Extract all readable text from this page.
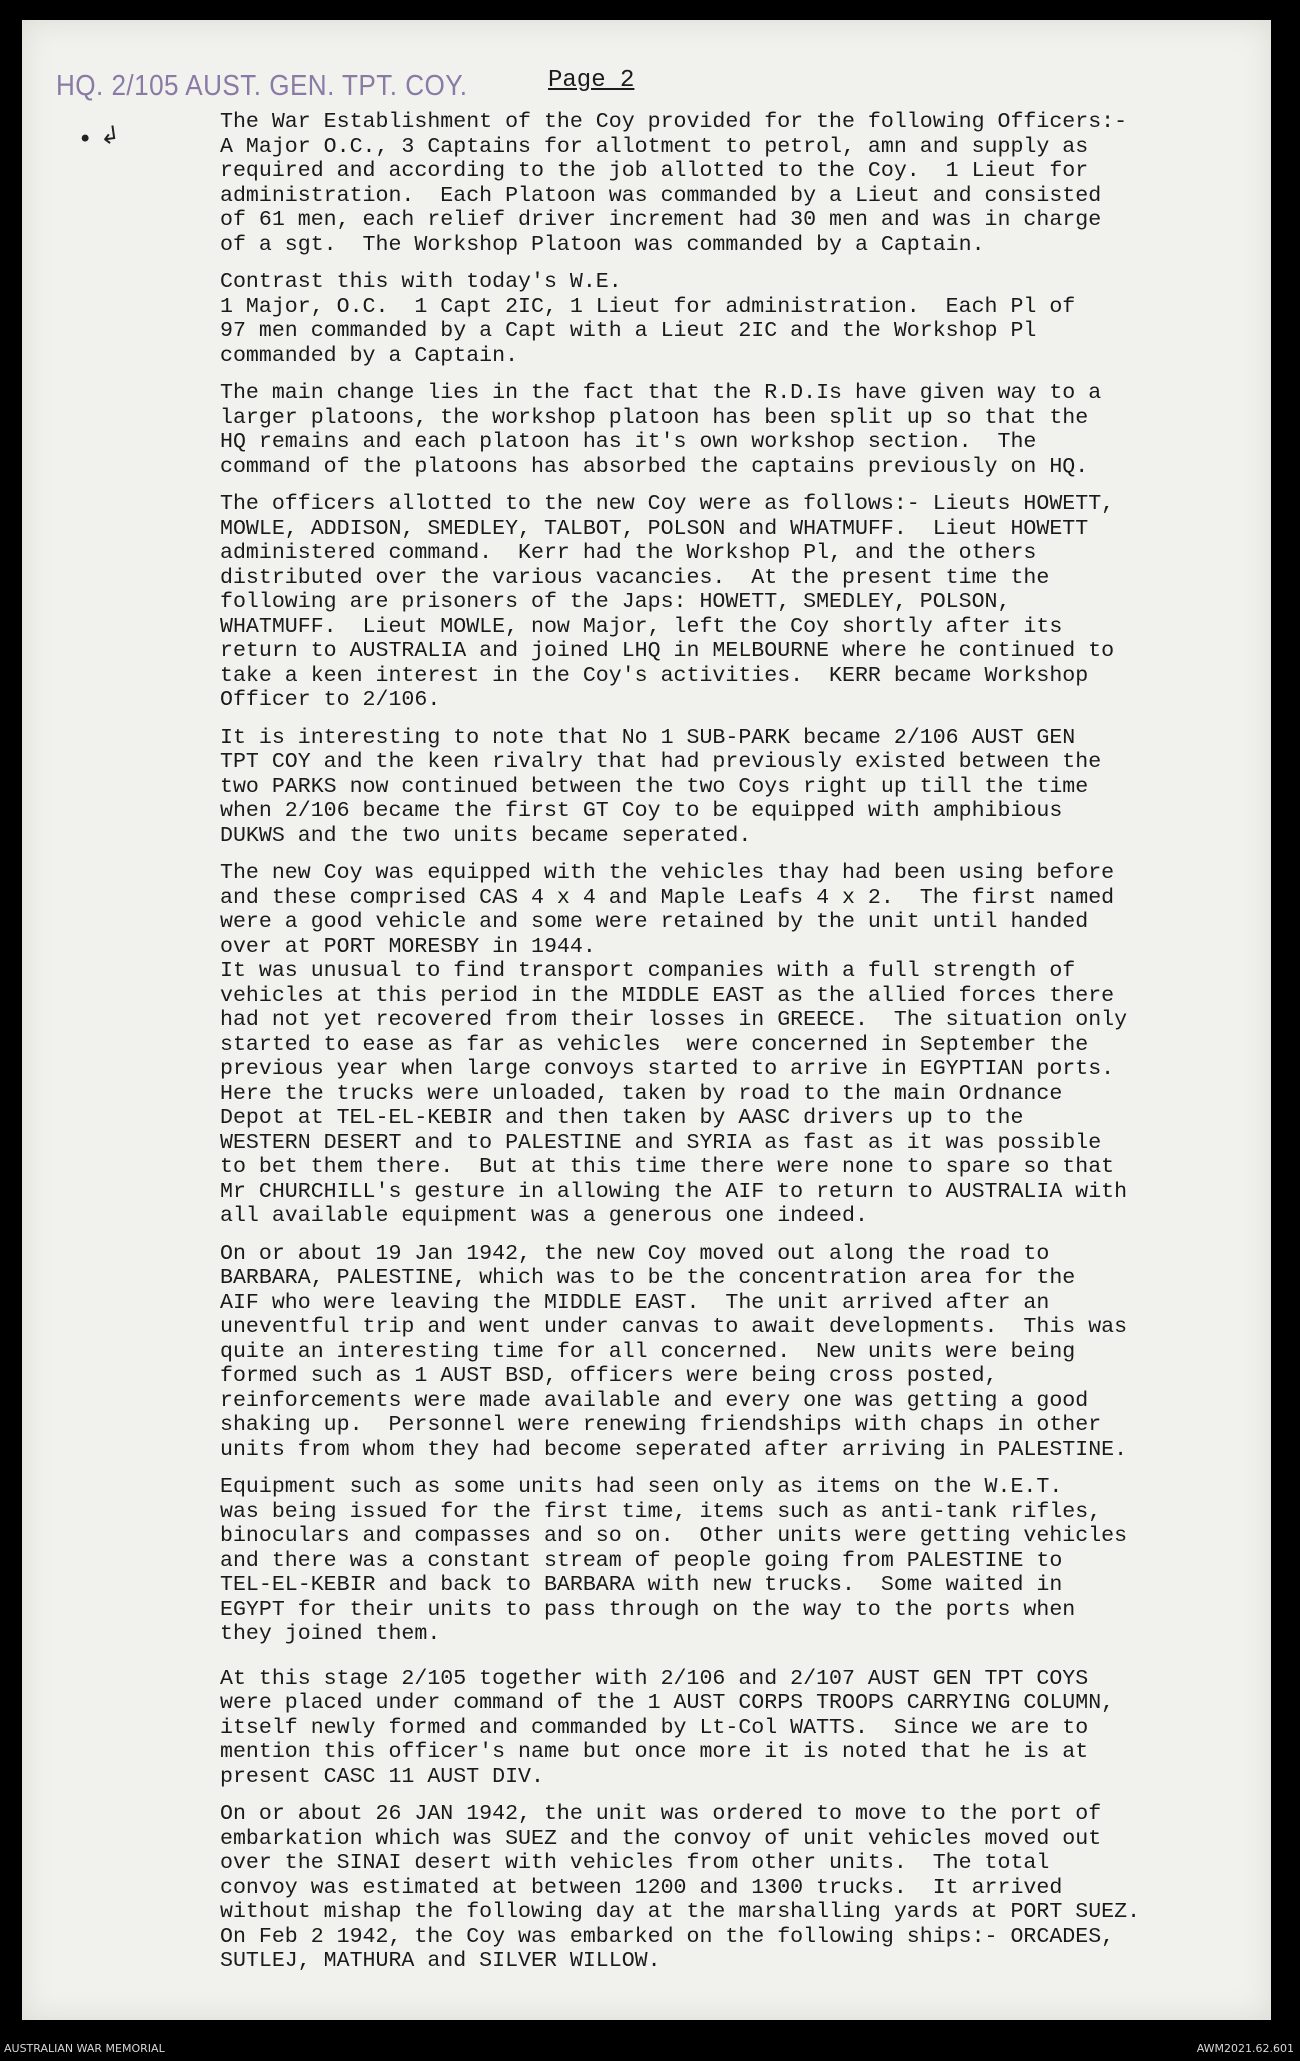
HQ. 2/105 AUST. GEN. TPT. COY.	Page 2
• ↲	The War Establishment of the Coy provided for the following Officers:-
A Major O.C., 3 Captains for allotment to petrol, amn and supply as
required and according to the job allotted to the Coy.  1 Lieut for
administration.  Each Platoon was commanded by a Lieut and consisted
of 61 men, each relief driver increment had 30 men and was in charge
of a sgt.  The Workshop Platoon was commanded by a Captain.
Contrast this with today's W.E.
1 Major, O.C.  1 Capt 2IC, 1 Lieut for administration.  Each Pl of
97 men commanded by a Capt with a Lieut 2IC and the Workshop Pl
commanded by a Captain.
The main change lies in the fact that the R.D.Is have given way to a
larger platoons, the workshop platoon has been split up so that the
HQ remains and each platoon has it's own workshop section.  The
command of the platoons has absorbed the captains previously on HQ.
The officers allotted to the new Coy were as follows:- Lieuts HOWETT,
MOWLE, ADDISON, SMEDLEY, TALBOT, POLSON and WHATMUFF.  Lieut HOWETT
administered command.  Kerr had the Workshop Pl, and the others
distributed over the various vacancies.  At the present time the
following are prisoners of the Japs: HOWETT, SMEDLEY, POLSON,
WHATMUFF.  Lieut MOWLE, now Major, left the Coy shortly after its
return to AUSTRALIA and joined LHQ in MELBOURNE where he continued to
take a keen interest in the Coy's activities.  KERR became Workshop
Officer to 2/106.
It is interesting to note that No 1 SUB-PARK became 2/106 AUST GEN
TPT COY and the keen rivalry that had previously existed between the
two PARKS now continued between the two Coys right up till the time
when 2/106 became the first GT Coy to be equipped with amphibious
DUKWS and the two units became seperated.
The new Coy was equipped with the vehicles thay had been using before
and these comprised CAS 4 x 4 and Maple Leafs 4 x 2.  The first named
were a good vehicle and some were retained by the unit until handed
over at PORT MORESBY in 1944.
It was unusual to find transport companies with a full strength of
vehicles at this period in the MIDDLE EAST as the allied forces there
had not yet recovered from their losses in GREECE.  The situation only
started to ease as far as vehicles  were concerned in September the
previous year when large convoys started to arrive in EGYPTIAN ports.
Here the trucks were unloaded, taken by road to the main Ordnance
Depot at TEL-EL-KEBIR and then taken by AASC drivers up to the
WESTERN DESERT and to PALESTINE and SYRIA as fast as it was possible
to bet them there.  But at this time there were none to spare so that
Mr CHURCHILL's gesture in allowing the AIF to return to AUSTRALIA with
all available equipment was a generous one indeed.
On or about 19 Jan 1942, the new Coy moved out along the road to
BARBARA, PALESTINE, which was to be the concentration area for the
AIF who were leaving the MIDDLE EAST.  The unit arrived after an
uneventful trip and went under canvas to await developments.  This was
quite an interesting time for all concerned.  New units were being
formed such as 1 AUST BSD, officers were being cross posted,
reinforcements were made available and every one was getting a good
shaking up.  Personnel were renewing friendships with chaps in other
units from whom they had become seperated after arriving in PALESTINE.
Equipment such as some units had seen only as items on the W.E.T.
was being issued for the first time, items such as anti-tank rifles,
binoculars and compasses and so on.  Other units were getting vehicles
and there was a constant stream of people going from PALESTINE to
TEL-EL-KEBIR and back to BARBARA with new trucks.  Some waited in
EGYPT for their units to pass through on the way to the ports when
they joined them.
At this stage 2/105 together with 2/106 and 2/107 AUST GEN TPT COYS
were placed under command of the 1 AUST CORPS TROOPS CARRYING COLUMN,
itself newly formed and commanded by Lt-Col WATTS.  Since we are to
mention this officer's name but once more it is noted that he is at
present CASC 11 AUST DIV.
On or about 26 JAN 1942, the unit was ordered to move to the port of
embarkation which was SUEZ and the convoy of unit vehicles moved out
over the SINAI desert with vehicles from other units.  The total
convoy was estimated at between 1200 and 1300 trucks.  It arrived
without mishap the following day at the marshalling yards at PORT SUEZ.
On Feb 2 1942, the Coy was embarked on the following ships:- ORCADES,
SUTLEJ, MATHURA and SILVER WILLOW.
AUSTRALIAN WAR MEMORIAL	AWM2021.62.601
